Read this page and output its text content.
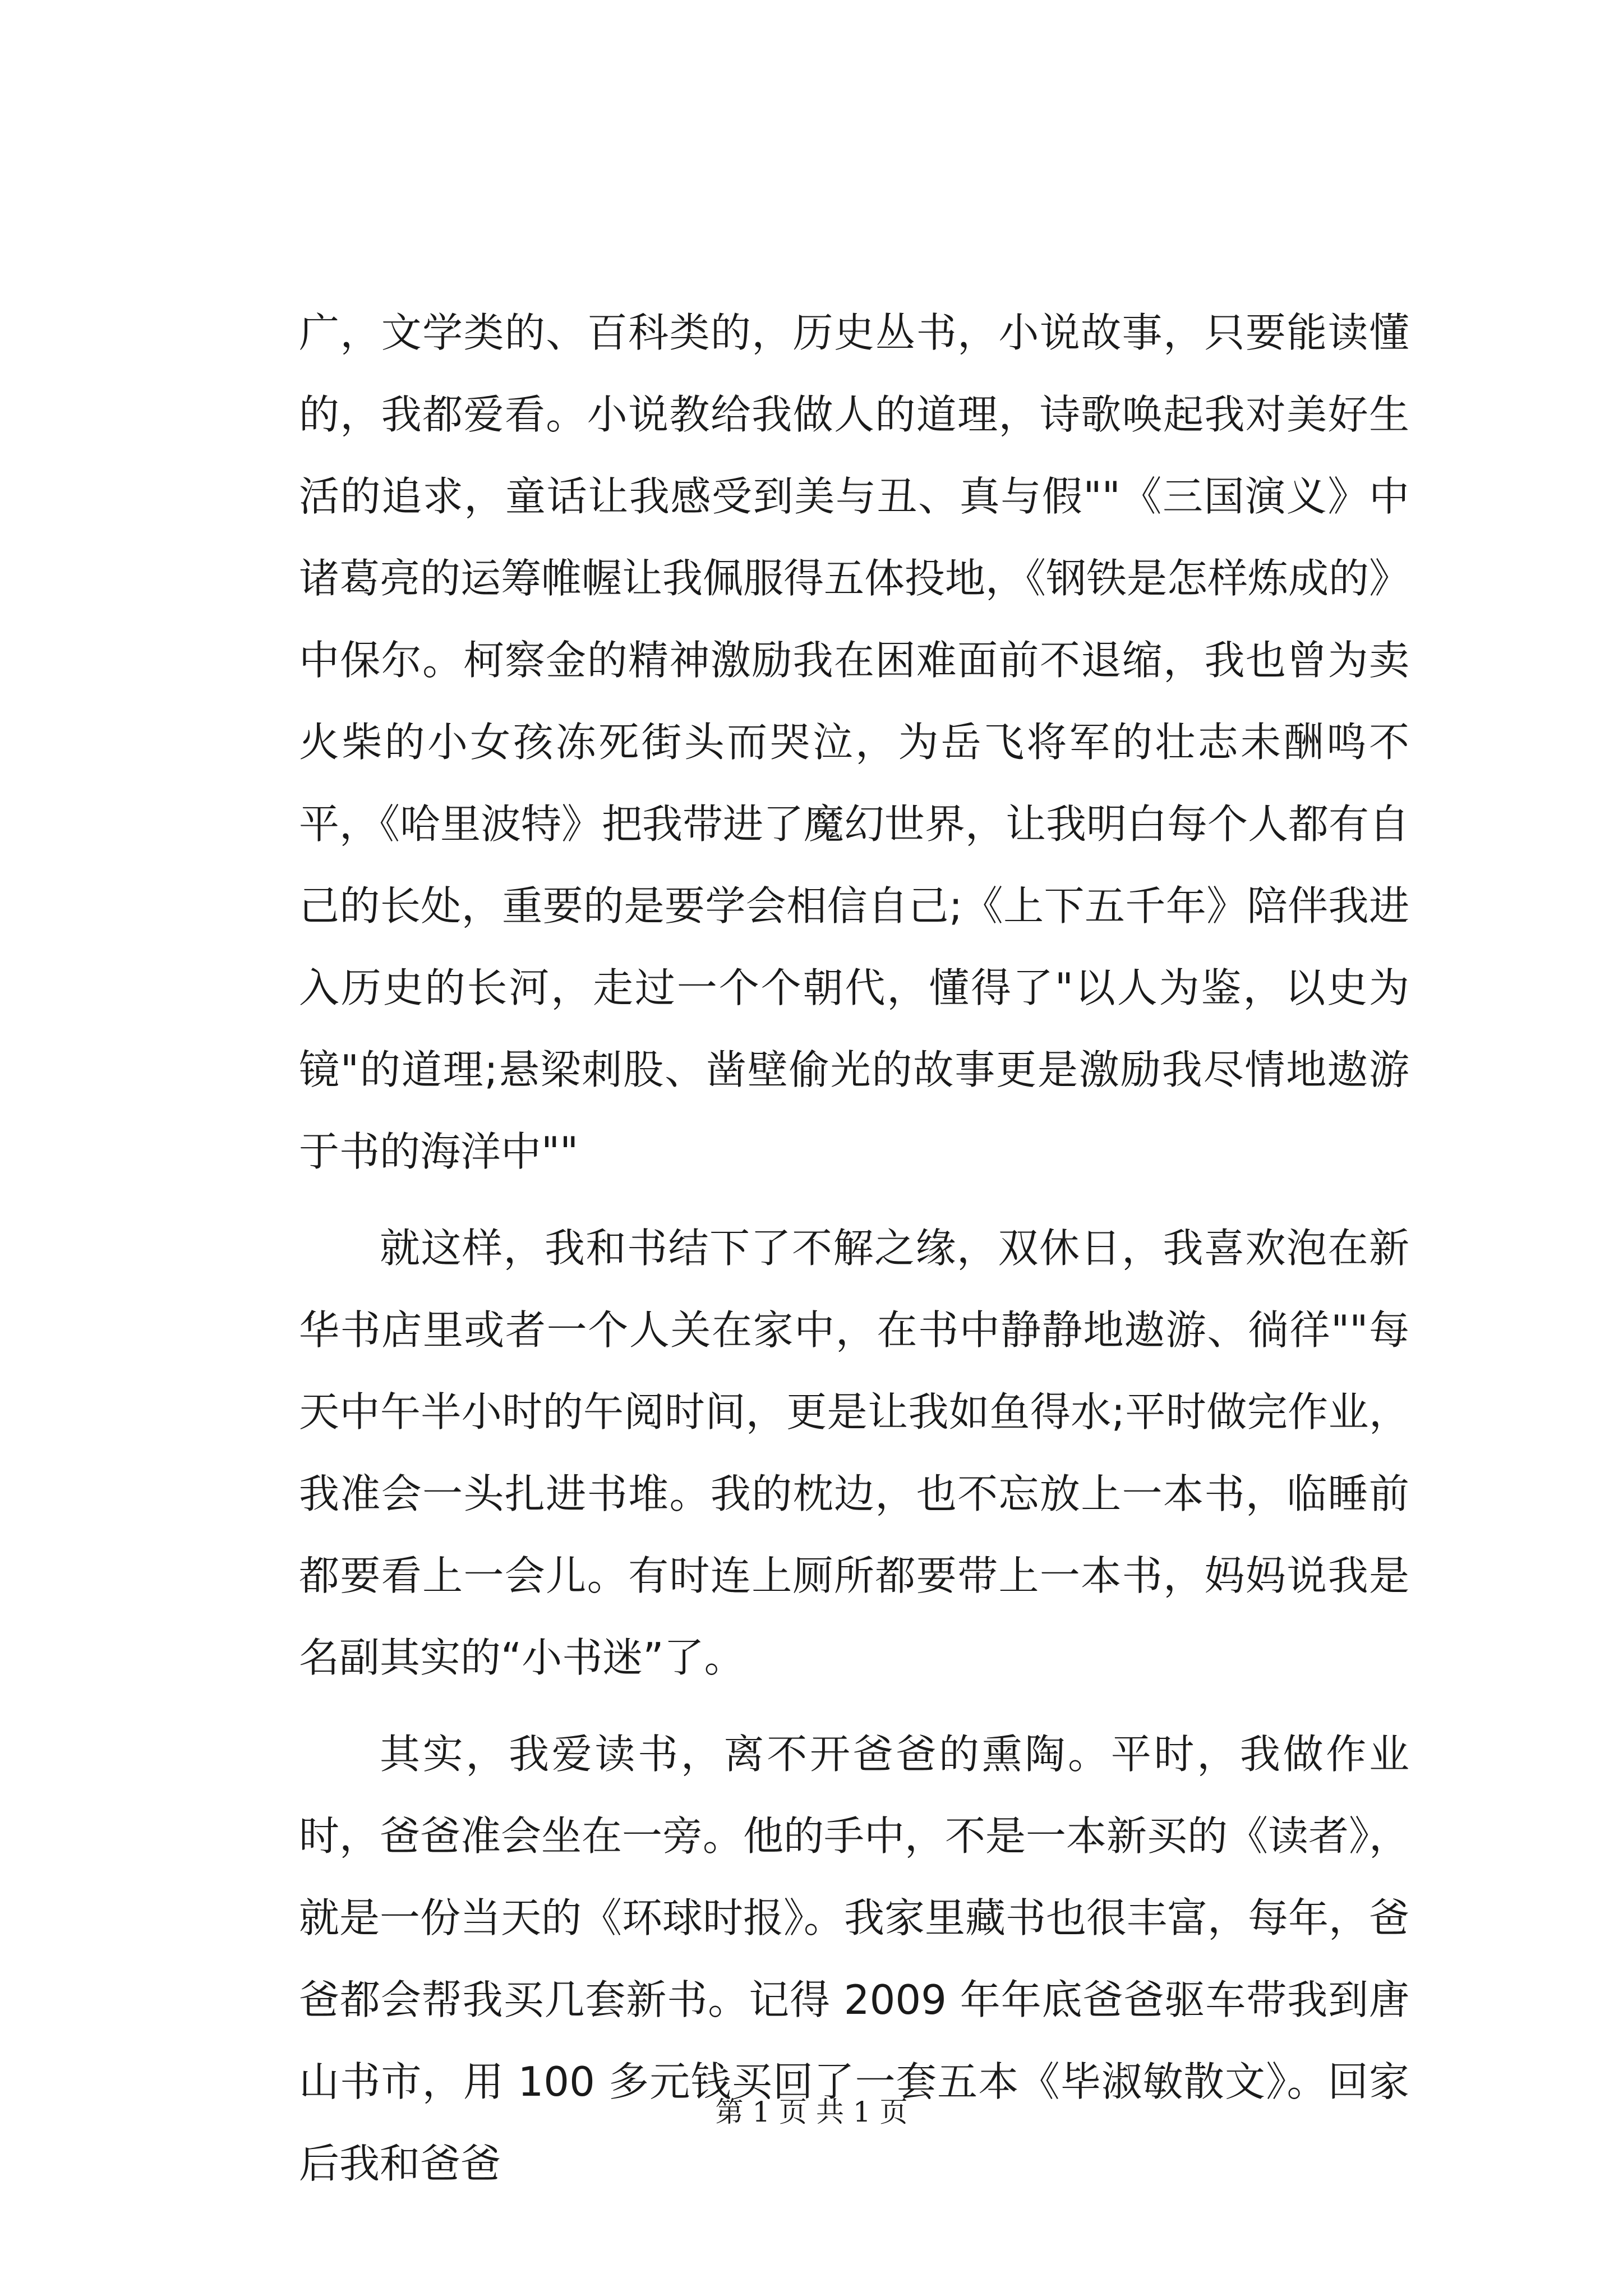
广，文学类的、百科类的，历史丛书，小说故事，只要能读懂的，我都爱看。小说教给我做人的道理，诗歌唤起我对美好生活的追求，童话让我感受到美与丑、真与假""《三国演义》中诸葛亮的运筹帷幄让我佩服得五体投地，《钢铁是怎样炼成的》中保尔。柯察金的精神激励我在困难面前不退缩，我也曾为卖火柴的小女孩冻死街头而哭泣，为岳飞将军的壮志未酬鸣不平，《哈里波特》把我带进了魔幻世界，让我明白每个人都有自己的长处，重要的是要学会相信自己;《上下五千年》陪伴我进入历史的长河，走过一个个朝代，懂得了"以人为鉴，以史为镜"的道理;悬梁刺股、凿壁偷光的故事更是激励我尽情地遨游于书的海洋中""

就这样，我和书结下了不解之缘，双休日，我喜欢泡在新华书店里或者一个人关在家中，在书中静静地遨游、徜徉""每天中午半小时的午阅时间，更是让我如鱼得水;平时做完作业，我准会一头扎进书堆。我的枕边，也不忘放上一本书，临睡前都要看上一会儿。有时连上厕所都要带上一本书，妈妈说我是名副其实的“小书迷”了。

其实，我爱读书，离不开爸爸的熏陶。平时，我做作业时，爸爸准会坐在一旁。他的手中，不是一本新买的《读者》，就是一份当天的《环球时报》。我家里藏书也很丰富，每年，爸爸都会帮我买几套新书。记得 2009 年年底爸爸驱车带我到唐山书市，用 100 多元钱买回了一套五本《毕淑敏散文》。回家后我和爸爸

第 1 页 共 1 页
